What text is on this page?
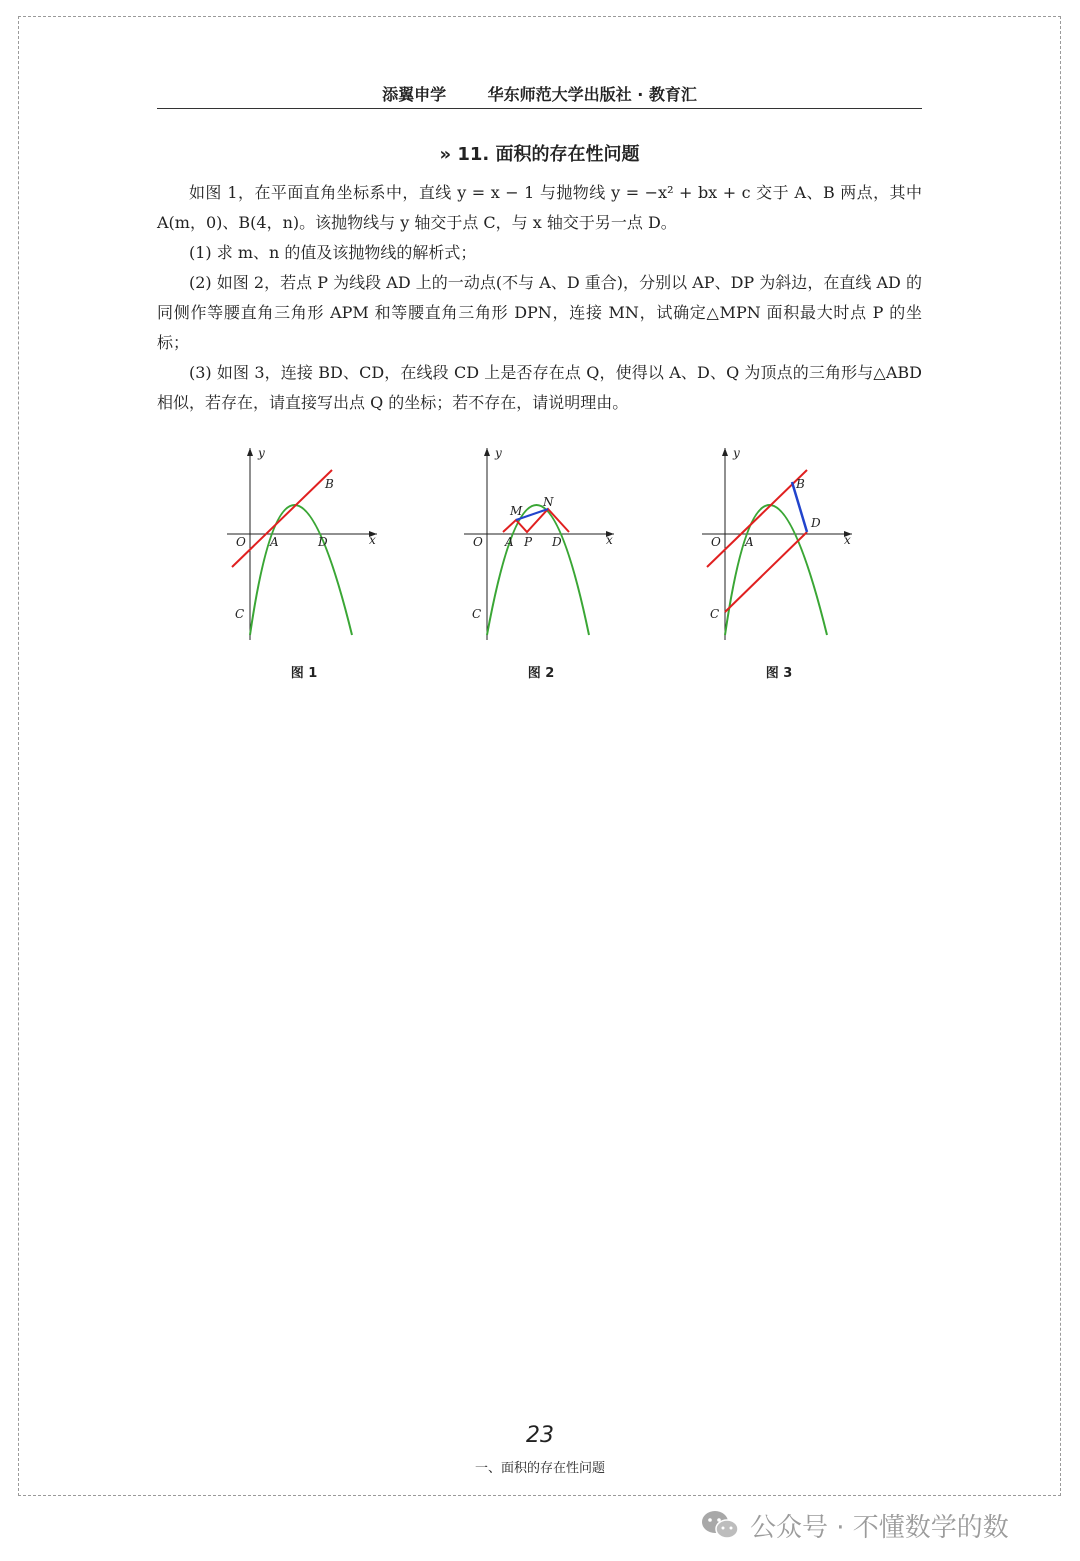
添翼申学	华东师范大学出版社 · 教育汇
» 11. 面积的存在性问题

如图 1，在平面直角坐标系中，直线 y = x − 1 与抛物线 y = −x² + bx + c 交于 A、B 两点，其中 A(m，0)、B(4，n)。该抛物线与 y 轴交于点 C，与 x 轴交于另一点 D。

(1) 求 m、n 的值及该抛物线的解析式；

(2) 如图 2，若点 P 为线段 AD 上的一动点(不与 A、D 重合)，分别以 AP、DP 为斜边，在直线 AD 的同侧作等腰直角三角形 APM 和等腰直角三角形 DPN，连接 MN，试确定△MPN 面积最大时点 P 的坐标；

(3) 如图 3，连接 BD、CD，在线段 CD 上是否存在点 Q，使得以 A、D、Q 为顶点的三角形与△ABD 相似，若存在，请直接写出点 Q 的坐标；若不存在，请说明理由。

y
x
O A	D
B
C
图 1
y
x
O A P D
M
N
C
图 2
y
x
O A
D
B
C
图 3
23
一、面积的存在性问题
公众号 · 不懂数学的数
